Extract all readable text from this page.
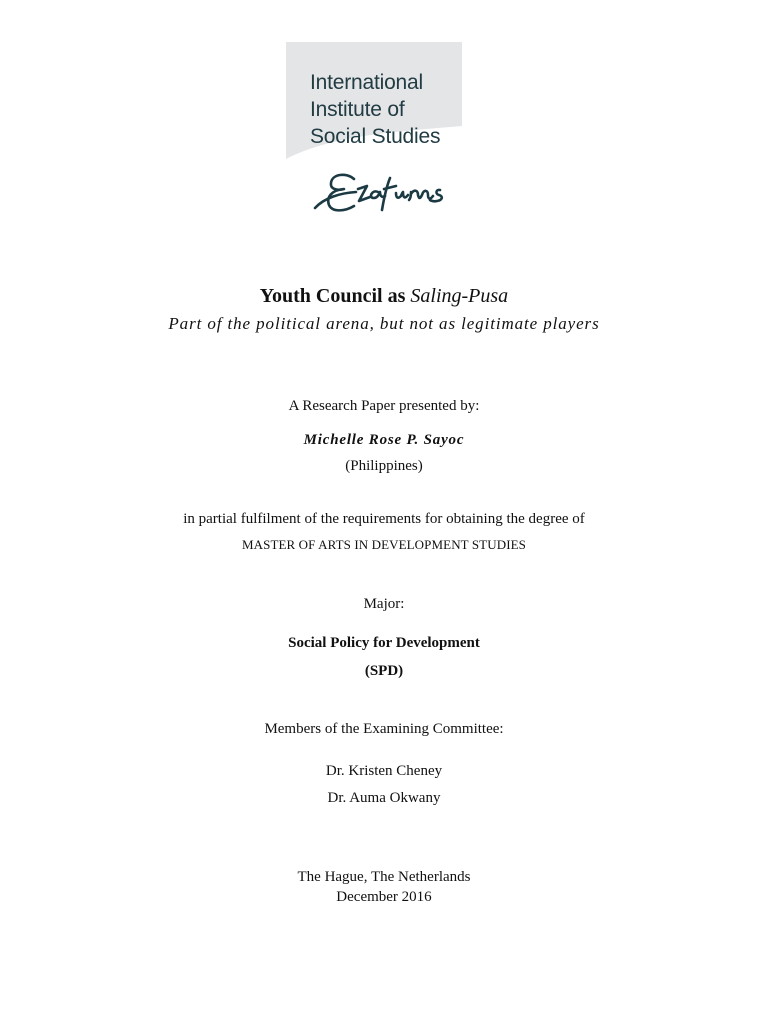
International
Institute of
Social Studies
Youth Council as Saling-Pusa
Part of the political arena, but not as legitimate players
A Research Paper presented by:
Michelle Rose P. Sayoc
(Philippines)
in partial fulfilment of the requirements for obtaining the degree of
MASTER OF ARTS IN DEVELOPMENT STUDIES
Major:
Social Policy for Development
(SPD)
Members of the Examining Committee:
Dr. Kristen Cheney
Dr. Auma Okwany
The Hague, The Netherlands
December 2016
